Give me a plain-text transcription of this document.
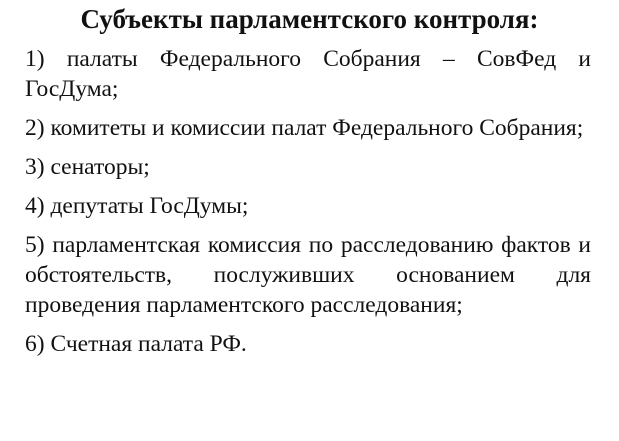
Субъекты парламентского контроля:
1) палаты Федерального Собрания – СовФед и ГосДума;
2) комитеты и комиссии палат Федерального Собрания;
3) сенаторы;
4) депутаты ГосДумы;
5) парламентская комиссия по расследованию фактов и обстоятельств, послуживших основанием для проведения парламентского расследования;
6) Счетная палата РФ.
